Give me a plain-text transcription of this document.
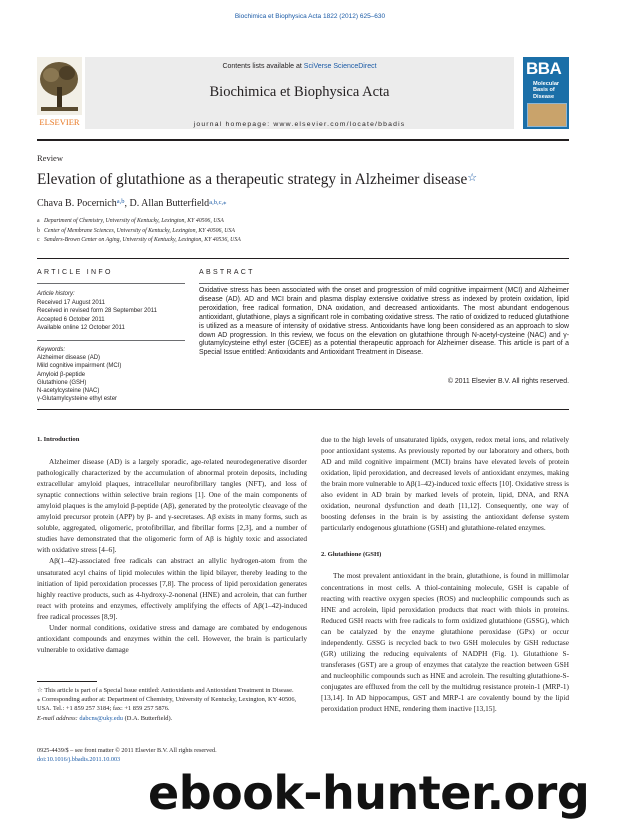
Biochimica et Biophysica Acta 1822 (2012) 625–630
Contents lists available at SciVerse ScienceDirect
Biochimica et Biophysica Acta
journal homepage: www.elsevier.com/locate/bbadis
ELSEVIER
BBA
Molecular Basis of Disease
Review
Elevation of glutathione as a therapeutic strategy in Alzheimer disease☆
Chava B. Pocernich$^{a,b}$, D. Allan Butterfield$^{a,b,c,⁎}$
a Department of Chemistry, University of Kentucky, Lexington, KY 40506, USA
b Center of Membrane Sciences, University of Kentucky, Lexington, KY 40506, USA
c Sanders-Brown Center on Aging, University of Kentucky, Lexington, KY 40536, USA
ARTICLE INFO	ABSTRACT
Article history:
Received 17 August 2011
Received in revised form 28 September 2011
Accepted 6 October 2011
Available online 12 October 2011
Keywords:
Alzheimer disease (AD)
Mild cognitive impairment (MCI)
Amyloid β-peptide
Glutathione (GSH)
N-acetylcysteine (NAC)
γ-Glutamylcysteine ethyl ester
Oxidative stress has been associated with the onset and progression of mild cognitive impairment (MCI) and Alzheimer disease (AD). AD and MCI brain and plasma display extensive oxidative stress as indexed by protein oxidation, lipid peroxidation, free radical formation, DNA oxidation, and decreased antioxidants. The most abundant endogenous antioxidant, glutathione, plays a significant role in combating oxidative stress. The ratio of oxidized to reduced glutathione is utilized as a measure of intensity of oxidative stress. Antioxidants have long been considered as an approach to slow down AD progression. In this review, we focus on the elevation on glutathione through N-acetyl-cysteine (NAC) and γ-glutamylcysteine ethyl ester (GCEE) as a potential therapeutic approach for Alzheimer disease. This article is part of a Special Issue entitled: Antioxidants and Antioxidant Treatment in Disease.
© 2011 Elsevier B.V. All rights reserved.

1. Introduction

Alzheimer disease (AD) is a largely sporadic, age-related neurodegenerative disorder pathologically characterized by the accumulation of abnormal protein deposits, including extracellular amyloid plaques, intracellular neurofibrillary tangles (NFT), and loss of synaptic connections within selective brain regions [1]. One of the main components of amyloid plaques is the amyloid β-peptide (Aβ), generated by the proteolytic cleavage of the amyloid precursor protein (APP) by β- and γ-secretases. Aβ exists in many forms, such as soluble, aggregated, oligomeric, protofibrillar, and fibrillar forms [2,3], and a number of studies have demonstrated that the oligomeric form of Aβ is highly toxic and associated with oxidative stress [4–6].

Aβ(1–42)-associated free radicals can abstract an allylic hydrogen-atom from the unsaturated acyl chains of lipid molecules within the lipid bilayer, thereby leading to the initiation of lipid peroxidation processes [7,8]. The process of lipid peroxidation generates highly reactive products, such as 4-hydroxy-2-nonenal (HNE) and acrolein, that can further react with proteins and enzymes, effectively amplifying the effects of Aβ(1–42)-induced free radical processes [8,9].

Under normal conditions, oxidative stress and damage are combated by endogenous antioxidant compounds and enzymes within the cell. However, the brain is particularly vulnerable to oxidative damage

due to the high levels of unsaturated lipids, oxygen, redox metal ions, and relatively poor antioxidant systems. As previously reported by our laboratory and others, both AD and mild cognitive impairment (MCI) brains have elevated levels of protein oxidation, lipid peroxidation, and decreased levels of antioxidant enzymes, making the brain more vulnerable to Aβ(1–42)-induced toxic effects [10]. Oxidative stress is also evident in AD brain by marked levels of protein, lipid, DNA, and RNA oxidation, neuronal dysfunction and death [11,12]. Consequently, one way of boosting defenses in the brain is by assisting the antioxidant defense system particularly endogenous glutathione (GSH) and glutathione-related enzymes.

2. Glutathione (GSH)

The most prevalent antioxidant in the brain, glutathione, is found in millimolar concentrations in most cells. A thiol-containing molecule, GSH is capable of reacting with reactive oxygen species (ROS) and nucleophilic compounds such as HNE and acrolein, lipid peroxidation products that react with thiols in proteins. Reduced GSH reacts with free radicals to form oxidized glutathione (GSSG), which can be catalyzed by the enzyme glutathione peroxidase (GPx) or occur independently. GSSG is recycled back to two GSH molecules by GSH reductase (GR) utilizing the reducing equivalents of NADPH (Fig. 1). Glutathione S-transferases (GST) are a group of enzymes that catalyze the reaction between GSH and nucleophilic compounds such as HNE and acrolein. The resulting glutathione-S-conjugates are effluxed from the cell by the multidrug resistance protein-1 (MRP-1) [13,14]. In AD hippocampus, GST and MRP-1 are covalently bound by the lipid peroxidation product HNE, rendering them inactive [13,15].

☆ This article is part of a Special Issue entitled: Antioxidants and Antioxidant Treatment in Disease.

⁎ Corresponding author at: Department of Chemistry, University of Kentucky, Lexington, KY 40506, USA. Tel.: +1 859 257 3184; fax: +1 859 257 5876.

E-mail address: dabcns@uky.edu (D.A. Butterfield).

0925-4439/$ – see front matter © 2011 Elsevier B.V. All rights reserved.
doi:10.1016/j.bbadis.2011.10.003
ebook-hunter.org
